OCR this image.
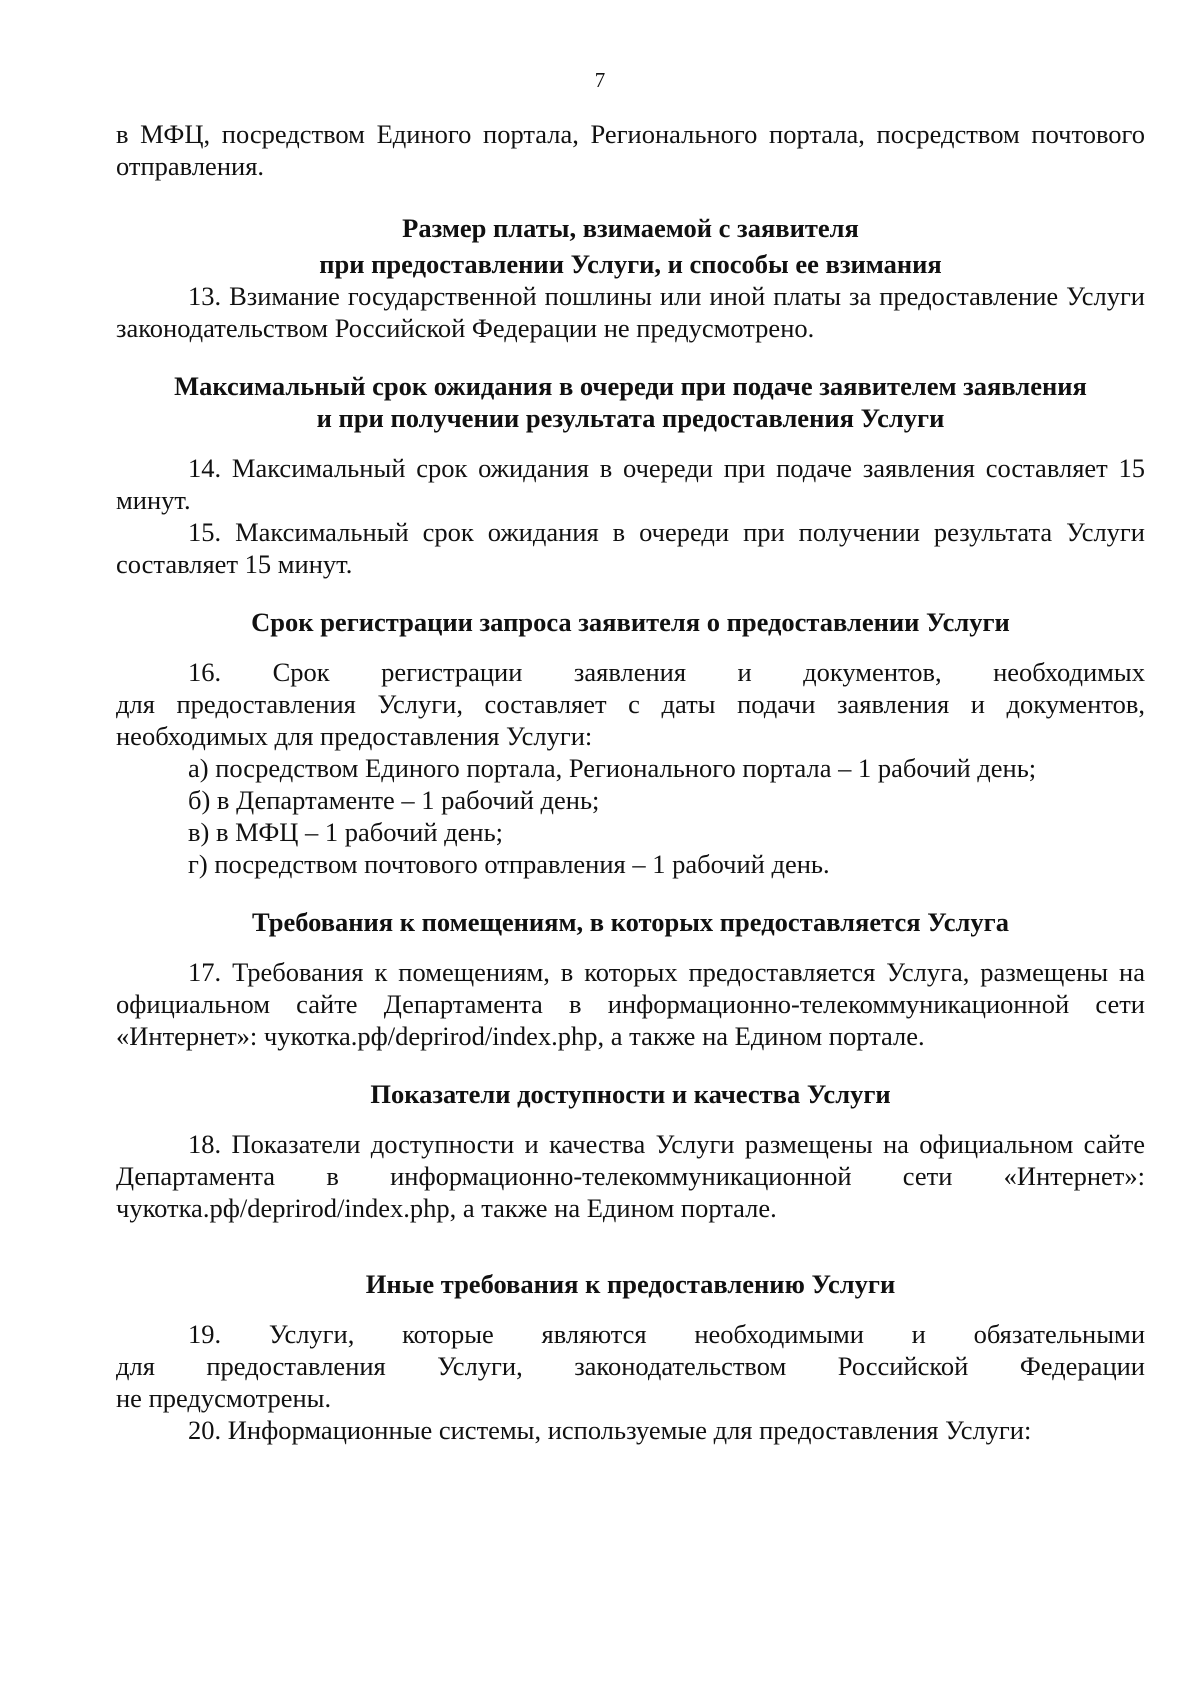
7

в МФЦ, посредством Единого портала, Регионального портала, посредством почтового отправления.

Размер платы, взимаемой с заявителя
при предоставлении Услуги, и способы ее взимания

13. Взимание государственной пошлины или иной платы за предоставление Услуги законодательством Российской Федерации не предусмотрено.

Максимальный срок ожидания в очереди при подаче заявителем заявления
и при получении результата предоставления Услуги

14. Максимальный срок ожидания в очереди при подаче заявления составляет 15 минут.

15. Максимальный срок ожидания в очереди при получении результата Услуги составляет 15 минут.

Срок регистрации запроса заявителя о предоставлении Услуги

16. Срок регистрации заявления и документов, необходимых

для предоставления Услуги, составляет с даты подачи заявления и документов, необходимых для предоставления Услуги:

а) посредством Единого портала, Регионального портала – 1 рабочий день;

б) в Департаменте – 1 рабочий день;

в) в МФЦ – 1 рабочий день;

г) посредством почтового отправления – 1 рабочий день.

Требования к помещениям, в которых предоставляется Услуга

17. Требования к помещениям, в которых предоставляется Услуга, размещены на официальном сайте Департамента в информационно-телекоммуникационной сети «Интернет»: чукотка.рф/deprirod/index.php, а также на Едином портале.

Показатели доступности и качества Услуги

18. Показатели доступности и качества Услуги размещены на официальном сайте Департамента в информационно-телекоммуникационной сети «Интернет»: чукотка.рф/deprirod/index.php, а также на Едином портале.

Иные требования к предоставлению Услуги

19. Услуги, которые являются необходимыми и обязательными

для предоставления Услуги, законодательством Российской Федерации

не предусмотрены.

20. Информационные системы, используемые для предоставления Услуги:
